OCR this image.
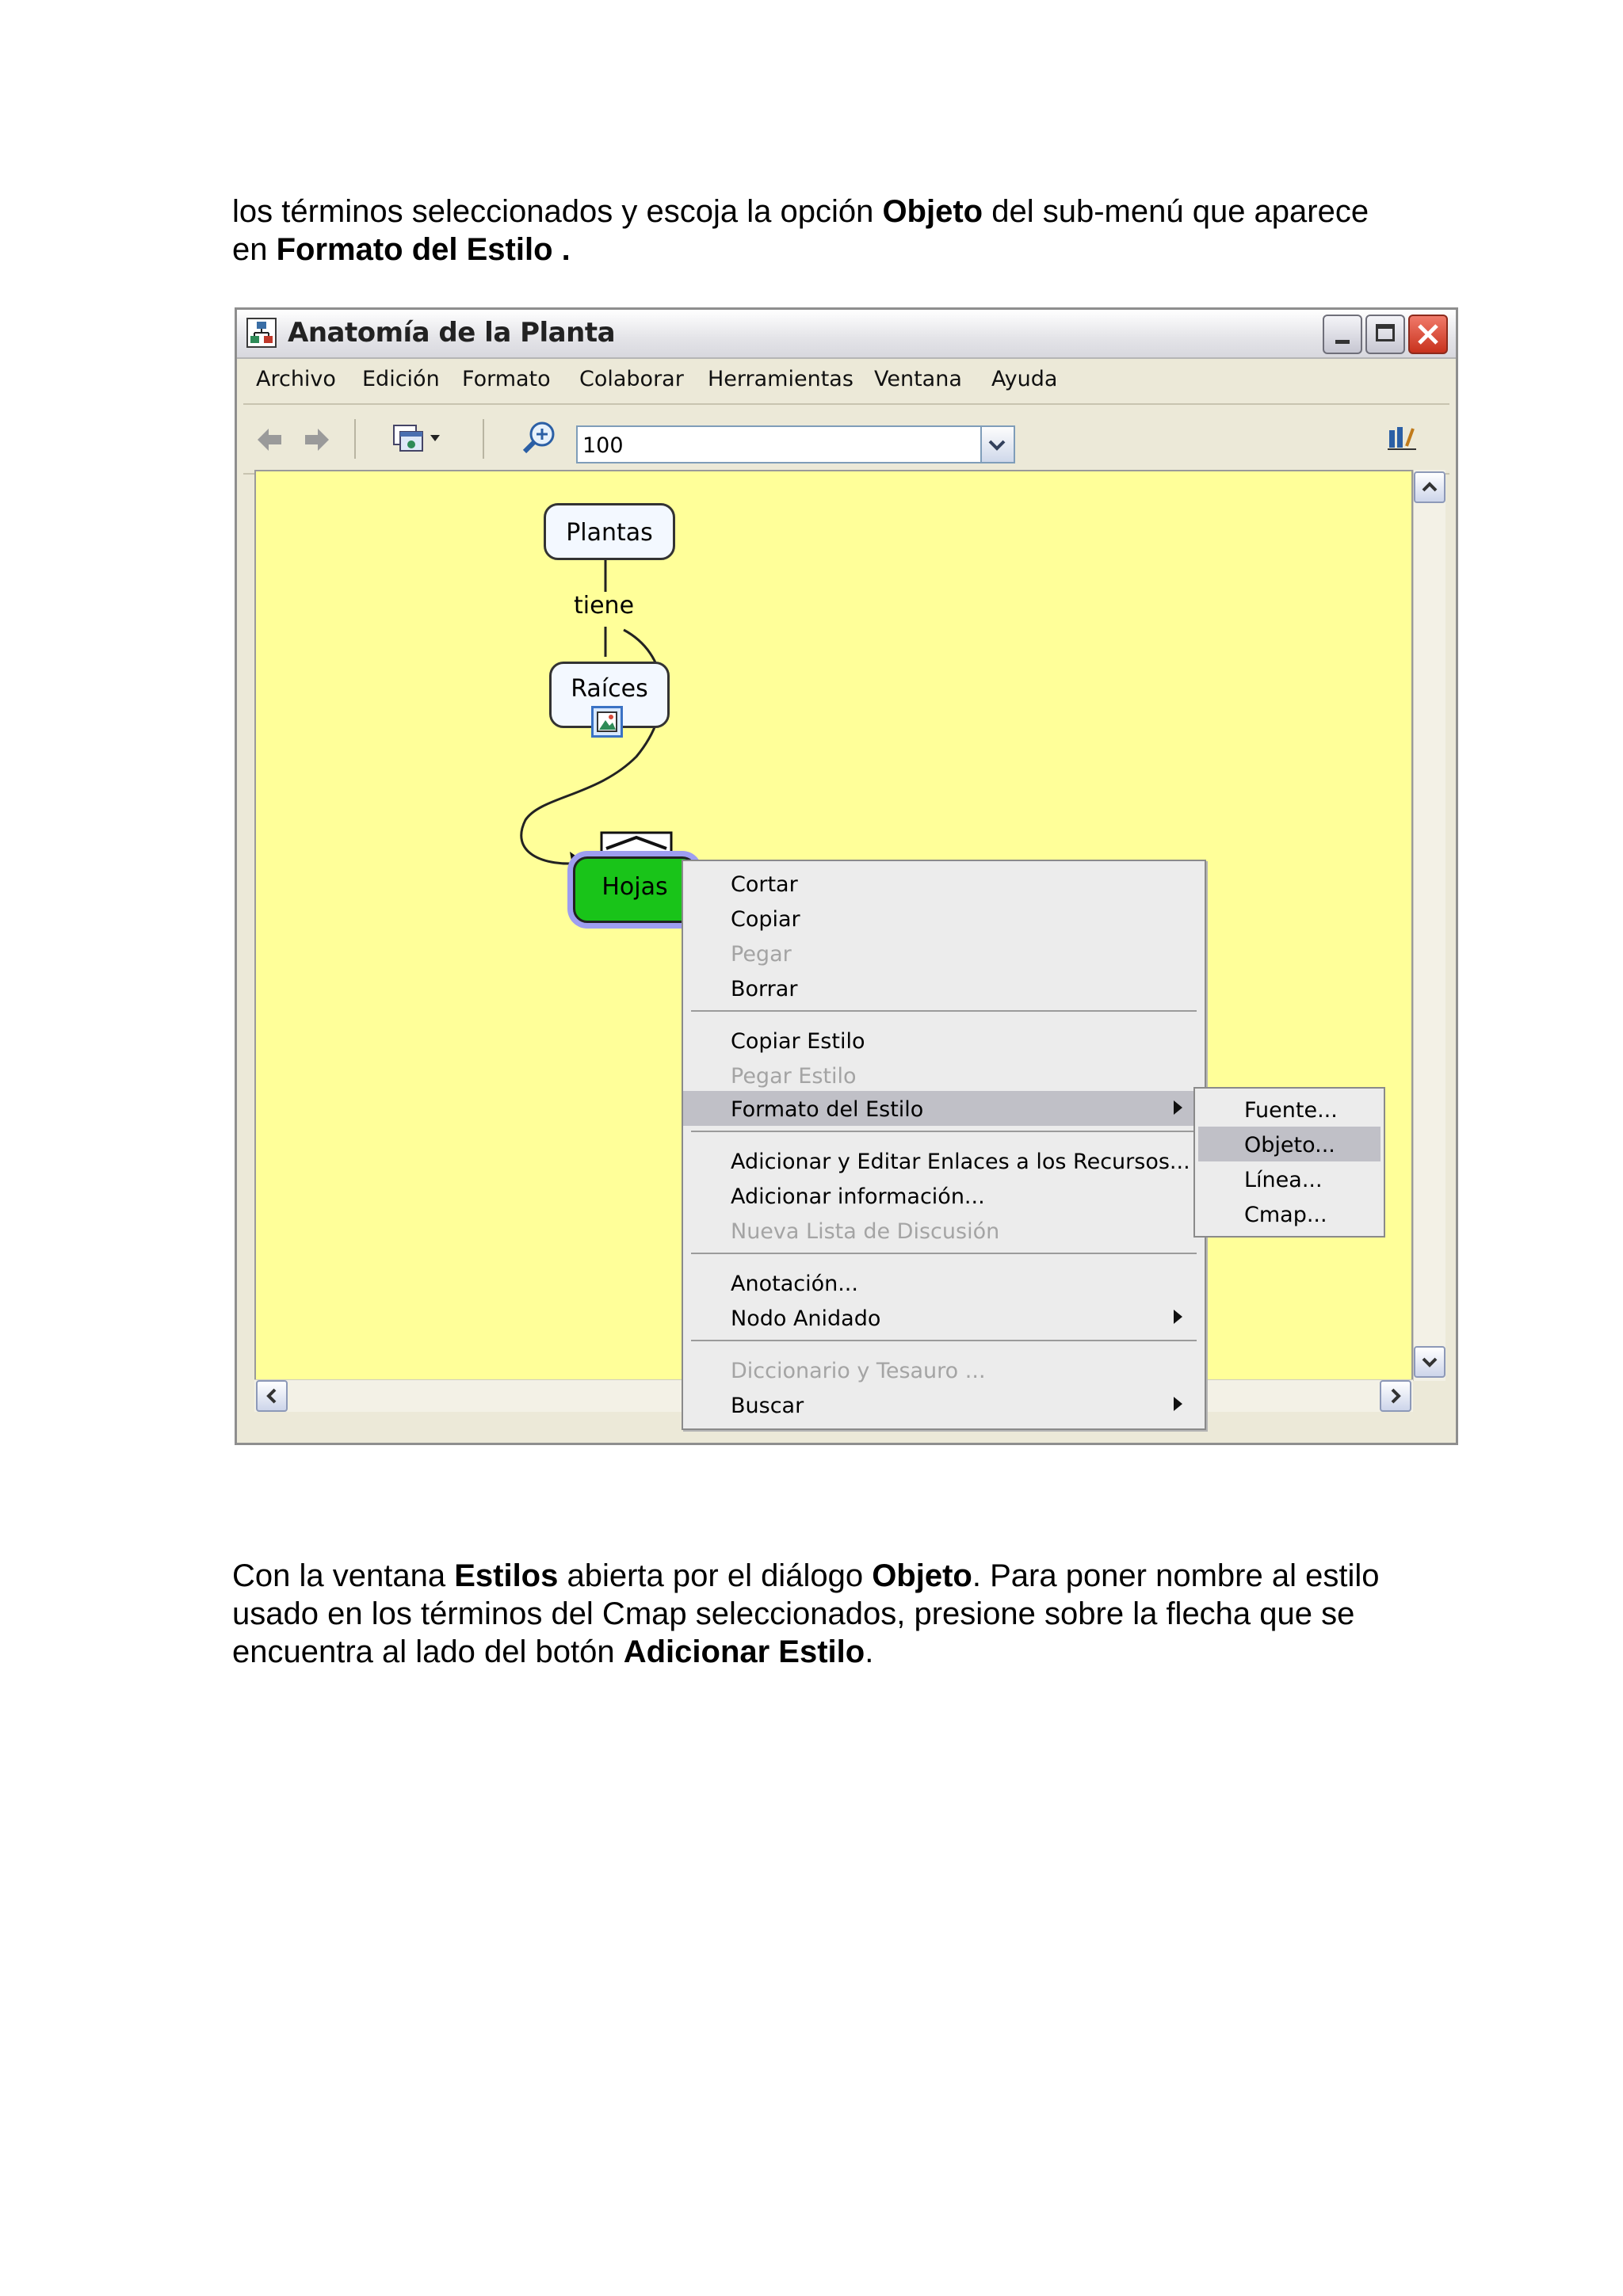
los términos seleccionados y escoja la opción Objeto del sub-menú que aparece en Formato del Estilo .

Anatomía de la Planta
Archivo Edición Formato Colaborar Herramientas Ventana Ayuda
100
Plantas
tiene
Raíces
Hojas	Cortar
Copiar
Pegar
Borrar
Copiar Estilo
Pegar Estilo
Formato del Estilo
Adicionar y Editar Enlaces a los Recursos...
Adicionar información...
Nueva Lista de Discusión
Anotación...
Nodo Anidado
Diccionario y Tesauro ...
Buscar
Fuente...
Objeto...
Línea...
Cmap...

Con la ventana Estilos abierta por el diálogo Objeto. Para poner nombre al estilo usado en los términos del Cmap seleccionados, presione sobre la flecha que se encuentra al lado del botón Adicionar Estilo.
